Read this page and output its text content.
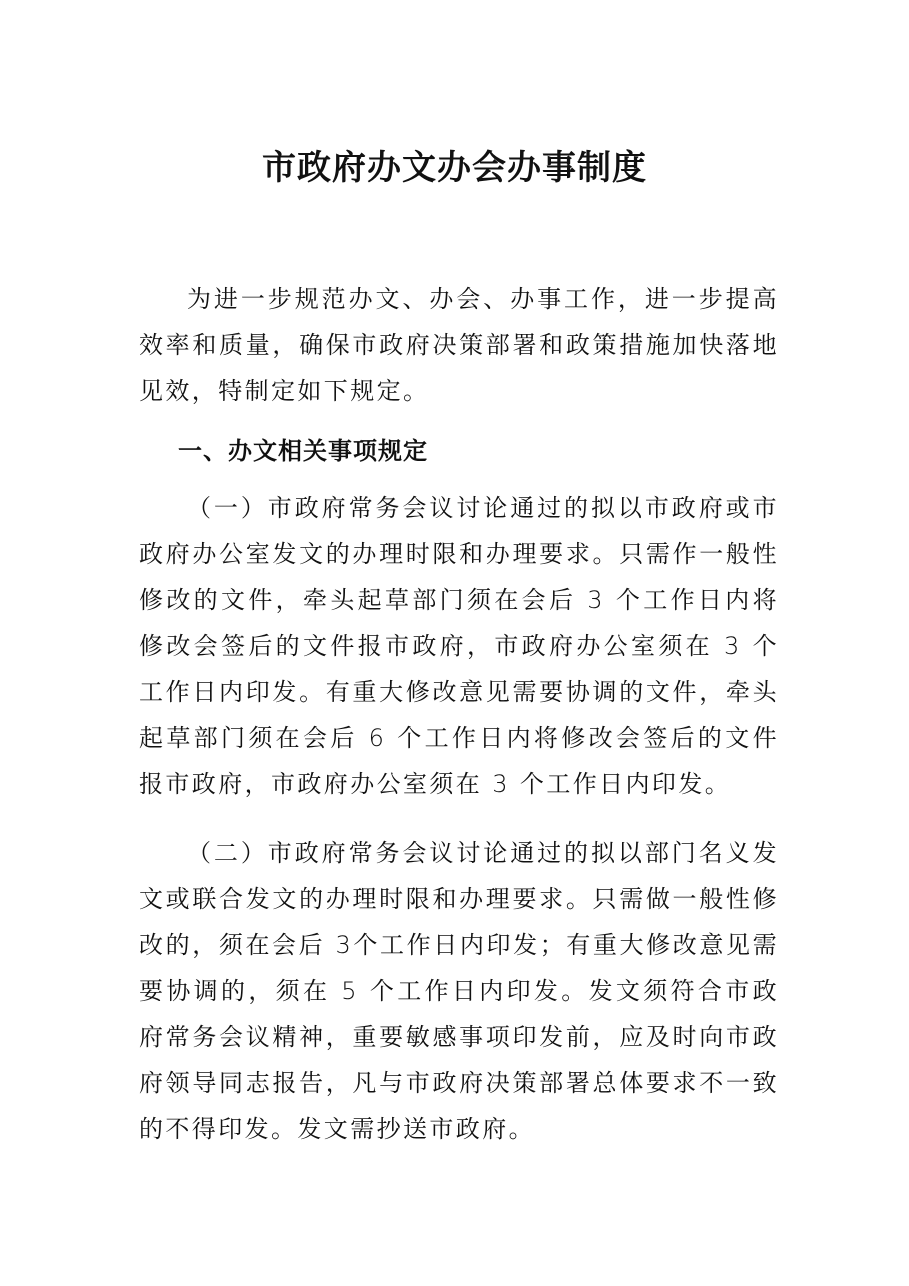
市政府办文办会办事制度
为进一步规范办文、办会、办事工作，进一步提高效率和质量，确保市政府决策部署和政策措施加快落地见效，特制定如下规定。
一、办文相关事项规定
（一）市政府常务会议讨论通过的拟以市政府或市政府办公室发文的办理时限和办理要求。只需作一般性修改的文件，牵头起草部门须在会后 3 个工作日内将修改会签后的文件报市政府，市政府办公室须在 3 个工作日内印发。有重大修改意见需要协调的文件，牵头起草部门须在会后 6 个工作日内将修改会签后的文件报市政府，市政府办公室须在 3 个工作日内印发。
（二）市政府常务会议讨论通过的拟以部门名义发文或联合发文的办理时限和办理要求。只需做一般性修改的，须在会后 3个工作日内印发；有重大修改意见需要协调的，须在 5 个工作日内印发。发文须符合市政府常务会议精神，重要敏感事项印发前，应及时向市政府领导同志报告，凡与市政府决策部署总体要求不一致的不得印发。发文需抄送市政府。
